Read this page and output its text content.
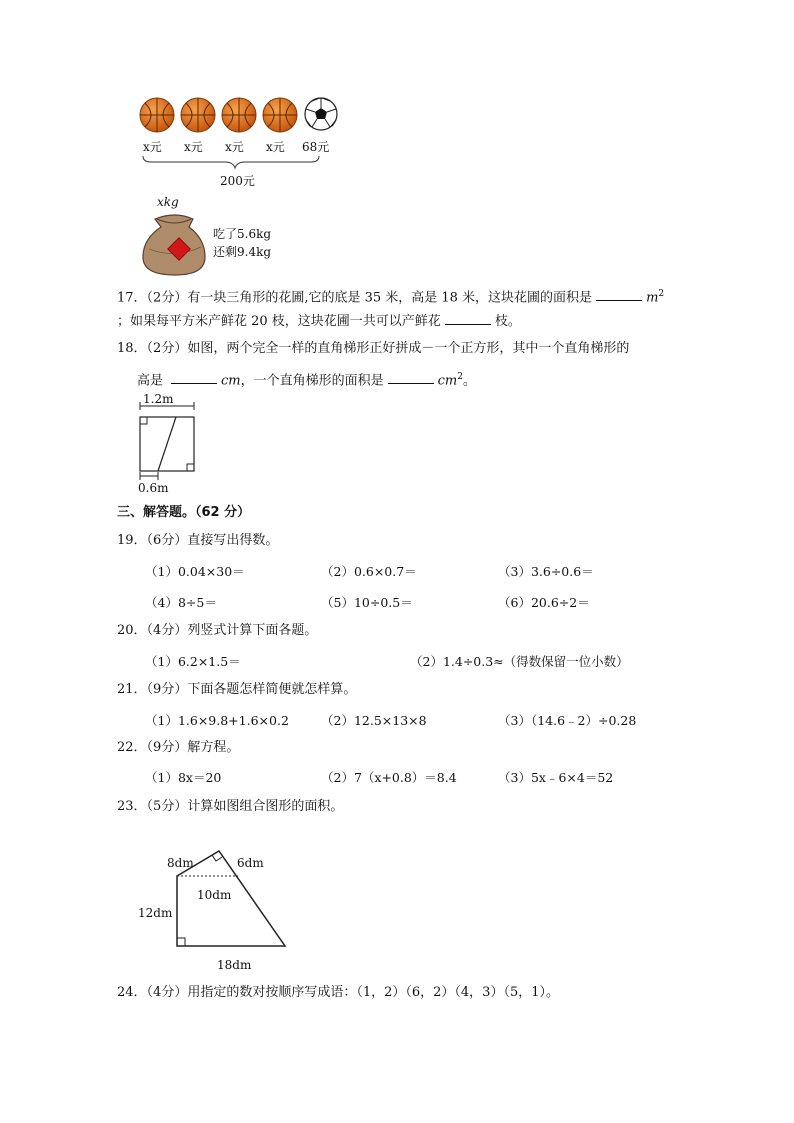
x元 x元 x元 x元 68元
200元
xkg
吃了5.6kg
还剩9.4kg
17．（2分）有一块三角形的花圃,它的底是 35 米，高是 18 米，这块花圃的面积是	$m^2$
；如果每平方米产鲜花 20 枝，这块花圃一共可以产鲜花	枝。
18．（2分）如图，两个完全一样的直角梯形正好拼成－一个正方形，其中一个直角梯形的
高是	cm，一个直角梯形的面积是	$cm^2$。
1.2m
0.6m
三、解答题。（62 分）
19．（6分）直接写出得数。
（1）0.04×30＝	（2）0.6×0.7＝	（3）3.6÷0.6＝
（4）8÷5＝	（5）10÷0.5＝	（6）20.6÷2＝
20．（4分）列竖式计算下面各题。
（1）6.2×1.5＝	（2）1.4÷0.3≈（得数保留一位小数）
21．（9分）下面各题怎样简便就怎样算。
（1）1.6×9.8+1.6×0.2	（2）12.5×13×8	（3）（14.6﹣2）÷0.28
22．（9分）解方程。
（1）8x＝20	（2）7（x+0.8）＝8.4	（3）5x﹣6×4＝52
23．（5分）计算如图组合图形的面积。
8dm	6dm
10dm
12dm
18dm
24．（4分）用指定的数对按顺序写成语：（1，2）（6，2）（4，3）（5，1）。
